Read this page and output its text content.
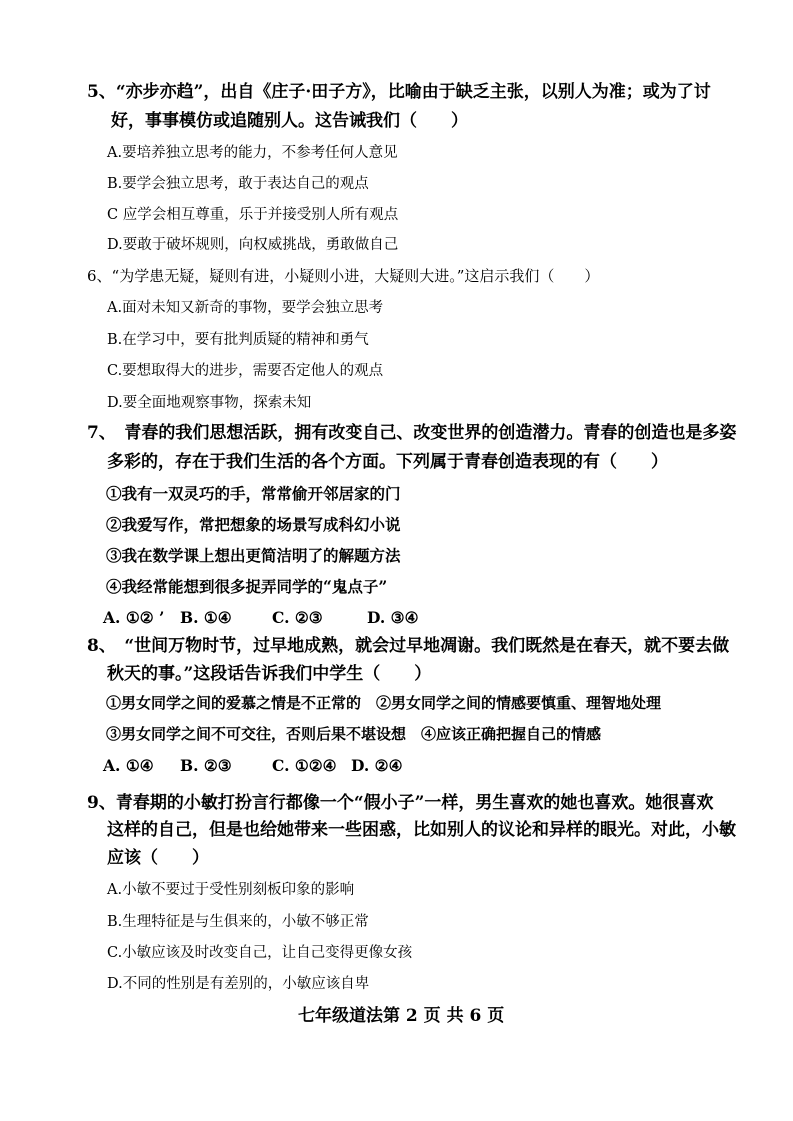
5、“亦步亦趋”，出自《庄子·田子方》，比喻由于缺乏主张，以别人为准；或为了讨
好，事事模仿或追随别人。这告诫我们（　　）
A.要培养独立思考的能力，不参考任何人意见
B.要学会独立思考，敢于表达自己的观点
C 应学会相互尊重，乐于并接受别人所有观点
D.要敢于破坏规则，向权威挑战，勇敢做自己
6、“为学患无疑，疑则有进，小疑则小进，大疑则大进。”这启示我们（　　）
A.面对未知又新奇的事物，要学会独立思考
B.在学习中，要有批判质疑的精神和勇气
C.要想取得大的进步，需要否定他人的观点
D.要全面地观察事物，探索未知
7、　青春的我们思想活跃，拥有改变自己、改变世界的创造潜力。青春的创造也是多姿
多彩的，存在于我们生活的各个方面。下列属于青春创造表现的有（　　）
①我有一双灵巧的手，常常偷开邻居家的门
②我爱写作，常把想象的场景写成科幻小说
③我在数学课上想出更简洁明了的解题方法
④我经常能想到很多捉弄同学的“鬼点子”
A. ①② ’ B. ①④	C. ②③	D. ③④
8、　“世间万物时节，过早地成熟，就会过早地凋谢。我们既然是在春天，就不要去做
秋天的事。”这段话告诉我们中学生（　　）
①男女同学之间的爱慕之情是不正常的　②男女同学之间的情感要慎重、理智地处理
③男女同学之间不可交往，否则后果不堪设想　④应该正确把握自己的情感
A. ①④ B. ②③	C. ①②④ D. ②④
9、青春期的小敏打扮言行都像一个“假小子”一样，男生喜欢的她也喜欢。她很喜欢
这样的自己，但是也给她带来一些困惑，比如别人的议论和异样的眼光。对此，小敏
应该（　　）
A.小敏不要过于受性别刻板印象的影响
B.生理特征是与生俱来的，小敏不够正常
C.小敏应该及时改变自己，让自己变得更像女孩
D.不同的性别是有差别的，小敏应该自卑
七年级道法第 2 页 共 6 页
